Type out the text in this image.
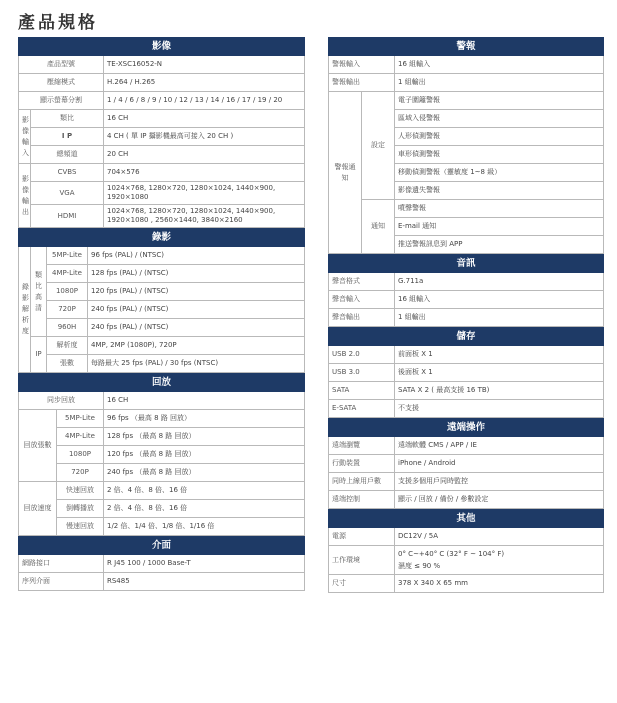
產品規格
影像		
產品型號		TE-XSC16052-N
壓縮模式		H.264 / H.265
顯示螢幕分割		1 / 4 / 6 / 8 / 9 / 10 / 12 / 13 / 14 / 16 / 17 / 19 / 20
影像輸入	類比	16 CH
	I P	4 CH ( 單 IP 攝影機最高可接入 20 CH )
	總頻道	20 CH
影像輸出	CVBS	704×576
	VGA	1024×768, 1280×720, 1280×1024, 1440×900, 1920×1080
	HDMI	1024×768, 1280×720, 1280×1024, 1440×900, 1920×1080 , 2560×1440, 3840×2160
錄影			
錄影解析度	類比高清	5MP-Lite	96 fps (PAL) / (NTSC)
		4MP-Lite	128 fps (PAL) / (NTSC)
		1080P	120 fps (PAL) / (NTSC)
		720P	240 fps (PAL) / (NTSC)
		960H	240 fps (PAL) / (NTSC)
	IP	解析度	4MP, 2MP (1080P), 720P
		張數	每路最大 25 fps (PAL) / 30 fps (NTSC)
回放		
同步回放		16 CH
回放張數	5MP-Lite	96 fps （最高 8 路 回放）
	4MP-Lite	128 fps （最高 8 路 回放）
	1080P	120 fps （最高 8 路 回放）
	720P	240 fps （最高 8 路 回放）
回放速度	快速回放	2 倍、4 倍、8 倍、16 倍
	倒轉播放	2 倍、4 倍、8 倍、16 倍
	慢速回放	1/2 倍、1/4 倍、1/8 倍、1/16 倍
介面	
網路接口	R J45 100 / 1000 Base-T
序列介面	RS485
警報		
警報輸入		16 組輸入
警報輸出		1 組輸出
警報通知	設定	電子圍籬警報
		區域入侵警報
		人形偵測警報
		車形偵測警報
		移動偵測警報（靈敏度 1~8 級）
		影像遺失警報
	通知	噴聲警報
		E-mail 通知
		推送警報訊息到 APP
音訊	
聲音格式	G.711a
聲音輸入	16 組輸入
聲音輸出	1 組輸出
儲存	
USB 2.0	前面板 X 1
USB 3.0	後面板 X 1
SATA	SATA X 2 ( 最高支援 16 TB)
E-SATA	不支援
遠端操作	
遠端瀏覽	遠端軟體 CMS / APP / IE
行動裝置	iPhone / Android
同時上線用戶數	支援多個用戶同時監控
遠端控制	顯示 / 回放 / 備份 / 參數設定
其他	
電源	DC12V / 5A
工作環境	0° C~+40° C (32° F ~ 104° F)
濕度 ≤ 90 %

尺寸	378 X 340 X 65 mm
